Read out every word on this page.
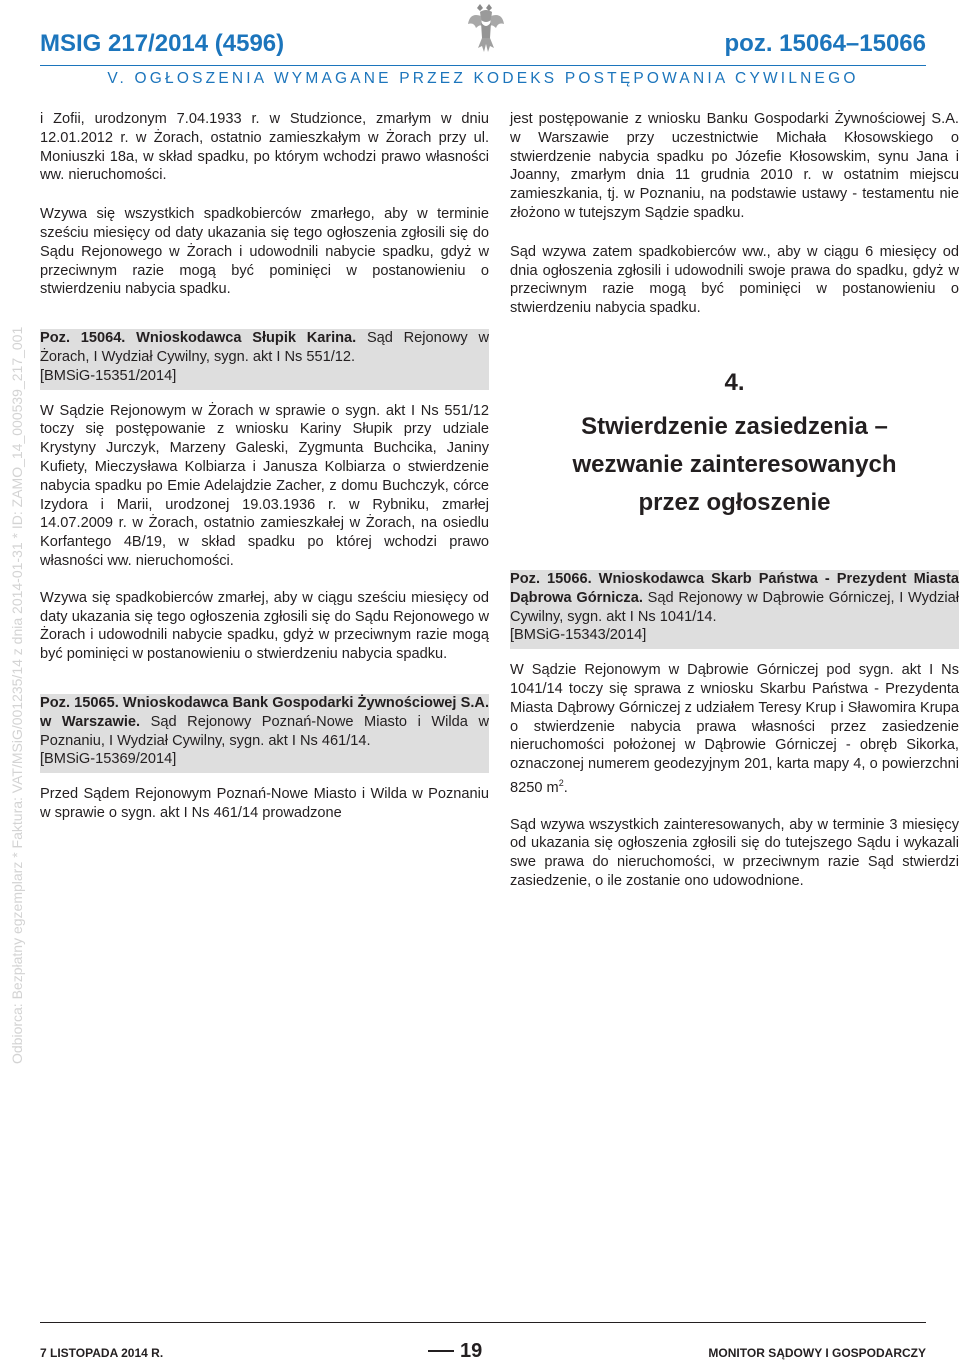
MSIG 217/2014 (4596)	poz. 15064–15066
V. OGŁOSZENIA WYMAGANE PRZEZ KODEKS POSTĘPOWANIA CYWILNEGO
Odbiorca: Bezpłatny egzemplarz * Faktura: VAT/MSiG/001235/14 z dnia 2014-01-31 * ID: ZAMO_14_000539_217_001

i Zofii, urodzonym 7.04.1933 r. w Studzionce, zmarłym w dniu 12.01.2012 r. w Żorach, ostatnio zamieszkałym w Żorach przy ul. Moniuszki 18a, w skład spadku, po którym wchodzi prawo własności ww. nieruchomości.

Wzywa się wszystkich spadkobierców zmarłego, aby w terminie sześciu miesięcy od daty ukazania się tego ogłoszenia zgłosili się do Sądu Rejonowego w Żorach i udowodnili nabycie spadku, gdyż w przeciwnym razie mogą być pominięci w postanowieniu o stwierdzeniu nabycia spadku.

Poz. 15064. Wnioskodawca Słupik Karina. Sąd Rejonowy w Żorach, I Wydział Cywilny, sygn. akt I Ns 551/12.

[BMSiG-15351/2014]

W Sądzie Rejonowym w Żorach w sprawie o sygn. akt I Ns 551/12 toczy się postępowanie z wniosku Kariny Słupik przy udziale Krystyny Jurczyk, Marzeny Galeski, Zygmunta Buchcika, Janiny Kufiety, Mieczysława Kolbiarza i Janusza Kolbiarza o stwierdzenie nabycia spadku po Emie Adelajdzie Zacher, z domu Buchczyk, córce Izydora i Marii, urodzonej 19.03.1936 r. w Rybniku, zmarłej 14.07.2009 r. w Żorach, ostatnio zamieszkałej w Żorach, na osiedlu Korfantego 4B/19, w skład spadku po której wchodzi prawo własności ww. nieruchomości.

Wzywa się spadkobierców zmarłej, aby w ciągu sześciu miesięcy od daty ukazania się tego ogłoszenia zgłosili się do Sądu Rejonowego w Żorach i udowodnili nabycie spadku, gdyż w przeciwnym razie mogą być pominięci w postanowieniu o stwierdzeniu nabycia spadku.

Poz. 15065. Wnioskodawca Bank Gospodarki Żywnościowej S.A. w Warszawie. Sąd Rejonowy Poznań-Nowe Miasto i Wilda w Poznaniu, I Wydział Cywilny, sygn. akt I Ns 461/14.

[BMSiG-15369/2014]

Przed Sądem Rejonowym Poznań-Nowe Miasto i Wilda w Poznaniu w sprawie o sygn. akt I Ns 461/14 prowadzone

jest postępowanie z wniosku Banku Gospodarki Żywnościowej S.A. w Warszawie przy uczestnictwie Michała Kłosowskiego o stwierdzenie nabycia spadku po Józefie Kłosowskim, synu Jana i Joanny, zmarłym dnia 11 grudnia 2010 r. w ostatnim miejscu zamieszkania, tj. w Poznaniu, na podstawie ustawy - testamentu nie złożono w tutejszym Sądzie spadku.

Sąd wzywa zatem spadkobierców ww., aby w ciągu 6 miesięcy od dnia ogłoszenia zgłosili i udowodnili swoje prawa do spadku, gdyż w przeciwnym razie mogą być pominięci w postanowieniu o stwierdzeniu nabycia spadku.

4.
Stwierdzenie zasiedzenia –
wezwanie zainteresowanych
przez ogłoszenie

Poz. 15066. Wnioskodawca Skarb Państwa - Prezydent Miasta Dąbrowa Górnicza. Sąd Rejonowy w Dąbrowie Górniczej, I Wydział Cywilny, sygn. akt I Ns 1041/14.

[BMSiG-15343/2014]

W Sądzie Rejonowym w Dąbrowie Górniczej pod sygn. akt I Ns 1041/14 toczy się sprawa z wniosku Skarbu Państwa - Prezydenta Miasta Dąbrowy Górniczej z udziałem Teresy Krup i Sławomira Krupa o stwierdzenie nabycia prawa własności przez zasiedzenie nieruchomości położonej w Dąbrowie Górniczej - obręb Sikorka, oznaczonej numerem geodezyjnym 201, karta mapy 4, o powierzchni 8250 $m^2$.

Sąd wzywa wszystkich zainteresowanych, aby w terminie 3 miesięcy od ukazania się ogłoszenia zgłosili się do tutejszego Sądu i wykazali swe prawa do nieruchomości, w przeciwnym razie Sąd stwierdzi zasiedzenie, o ile zostanie ono udowodnione.

7 LISTOPADA 2014 R.	19	MONITOR SĄDOWY I GOSPODARCZY
